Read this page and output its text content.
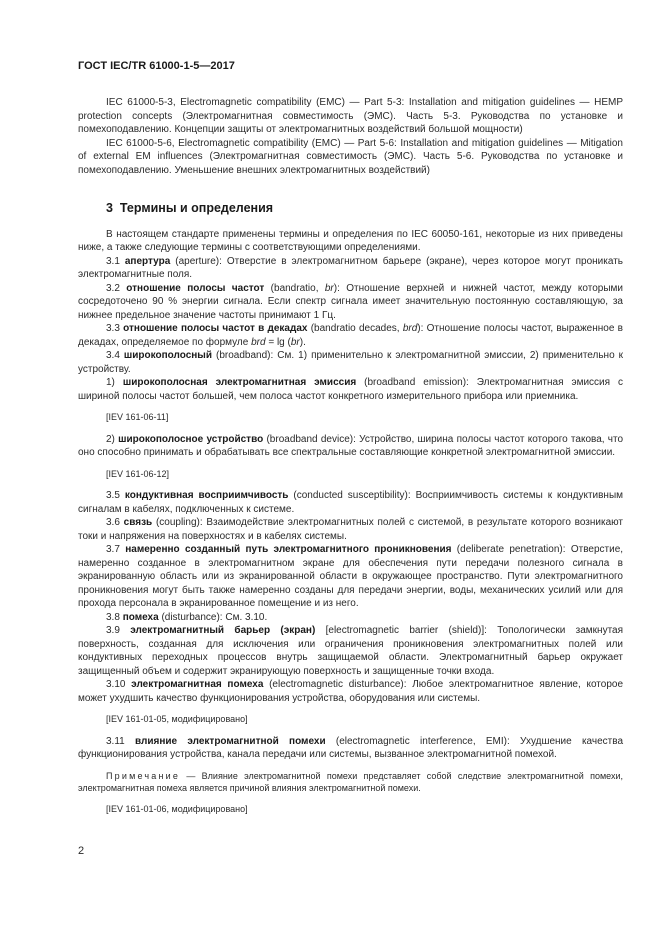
ГОСТ IEC/TR 61000-1-5—2017

IEC 61000-5-3, Electromagnetic compatibility (EMC) — Part 5-3: Installation and mitigation guidelines — HEMP protection concepts (Электромагнитная совместимость (ЭМС). Часть 5-3. Руководства по установке и помехоподавлению. Концепции защиты от электромагнитных воздействий большой мощности)

IEC 61000-5-6, Electromagnetic compatibility (EMC) — Part 5-6: Installation and mitigation guidelines — Mitigation of external EM influences (Электромагнитная совместимость (ЭМС). Часть 5-6. Руководства по установке и помехоподавлению. Уменьшение внешних электромагнитных воздействий)

3 Термины и определения

В настоящем стандарте применены термины и определения по IEC 60050-161, некоторые из них приведены ниже, а также следующие термины с соответствующими определениями.

3.1 апертура (aperture): Отверстие в электромагнитном барьере (экране), через которое могут проникать электромагнитные поля.

3.2 отношение полосы частот (bandratio, br): Отношение верхней и нижней частот, между которыми сосредоточено 90 % энергии сигнала. Если спектр сигнала имеет значительную постоянную составляющую, за нижнее предельное значение частоты принимают 1 Гц.

3.3 отношение полосы частот в декадах (bandratio decades, brd): Отношение полосы частот, выраженное в декадах, определяемое по формуле brd = lg (br).

3.4 широкополосный (broadband): См. 1) применительно к электромагнитной эмиссии, 2) применительно к устройству.

1) широкополосная электромагнитная эмиссия (broadband emission): Электромагнитная эмиссия с шириной полосы частот большей, чем полоса частот конкретного измерительного прибора или приемника.

[IEV 161-06-11]

2) широкополосное устройство (broadband device): Устройство, ширина полосы частот которого такова, что оно способно принимать и обрабатывать все спектральные составляющие конкретной электромагнитной эмиссии.

[IEV 161-06-12]

3.5 кондуктивная восприимчивость (conducted susceptibility): Восприимчивость системы к кондуктивным сигналам в кабелях, подключенных к системе.

3.6 связь (coupling): Взаимодействие электромагнитных полей с системой, в результате которого возникают токи и напряжения на поверхностях и в кабелях системы.

3.7 намеренно созданный путь электромагнитного проникновения (deliberate penetration): Отверстие, намеренно созданное в электромагнитном экране для обеспечения пути передачи полезного сигнала в экранированную область или из экранированной области в окружающее пространство. Пути электромагнитного проникновения могут быть также намеренно созданы для передачи энергии, воды, механических усилий или для прохода персонала в экранированное помещение и из него.

3.8 помеха (disturbance): См. 3.10.

3.9 электромагнитный барьер (экран) [electromagnetic barrier (shield)]: Топологически замкнутая поверхность, созданная для исключения или ограничения проникновения электромагнитных полей или кондуктивных переходных процессов внутрь защищаемой области. Электромагнитный барьер окружает защищенный объем и содержит экранирующую поверхность и защищенные точки входа.

3.10 электромагнитная помеха (electromagnetic disturbance): Любое электромагнитное явление, которое может ухудшить качество функционирования устройства, оборудования или системы.

[IEV 161-01-05, модифицировано]

3.11 влияние электромагнитной помехи (electromagnetic interference, EMI): Ухудшение качества функционирования устройства, канала передачи или системы, вызванное электромагнитной помехой.

Примечание — Влияние электромагнитной помехи представляет собой следствие электромагнитной помехи, электромагнитная помеха является причиной влияния электромагнитной помехи.

[IEV 161-01-06, модифицировано]

2
